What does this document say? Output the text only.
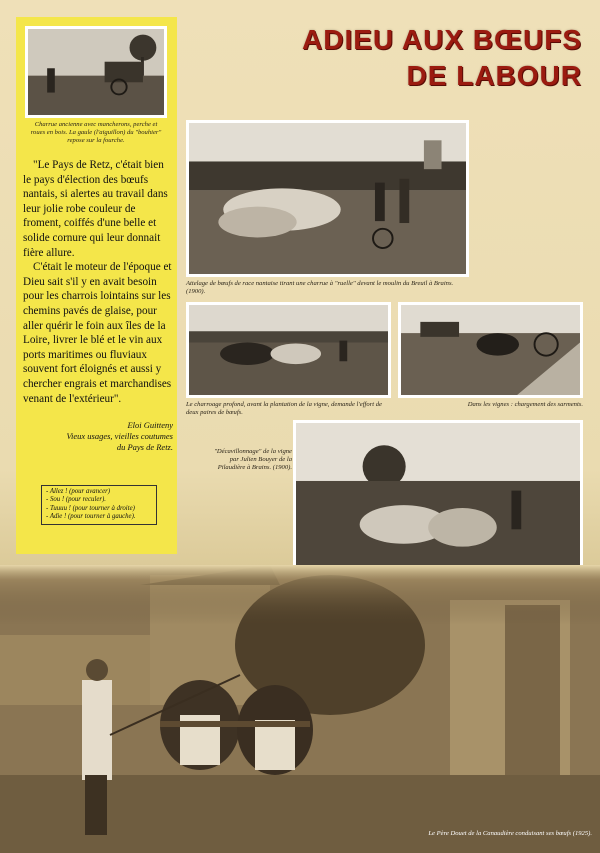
Charrue ancienne avec mancherons, perche et roues en bois. La gaule (l'aiguillon) du "bouhier" repose sur la fourche.
ADIEU AUX BŒUFS
DE LABOUR
Attelage de bœufs de race nantaise tirant une charrue à "ruelle" devant le moulin du Breuil à Brains. (1900).

"Le Pays de Retz, c'était bien le pays d'élection des bœufs nantais, si alertes au travail dans leur jolie robe couleur de froment, coiffés d'une belle et solide cornure qui leur donnait fière allure.

C'était le moteur de l'époque et Dieu sait s'il y en avait besoin pour les charrois lointains sur les chemins pavés de glaise, pour aller quérir le foin aux îles de la Loire, livrer le blé et le vin aux ports maritimes ou fluviaux souvent fort éloignés et aussi y chercher engrais et marchandises venant de l'extérieur".

Eloi Guitteny
Vieux usages, vieilles coutumes
du Pays de Retz.
- Allez ! (pour avancer)
- Sou ! (pour reculer).
- Tuuuu ! (pour tourner à droite)
- Adie ! (pour tourner à gauche).
Le charroage profond, avant la plantation de la vigne, demande l'effort de deux paires de bœufs.
Dans les vignes : chargement des sarments.
"Décavillonnage" de la vigne par Julien Bouyer de la Pilaudière à Brains. (1900).
Le Père Douet de la Canaudière conduisant ses bœufs (1925).
